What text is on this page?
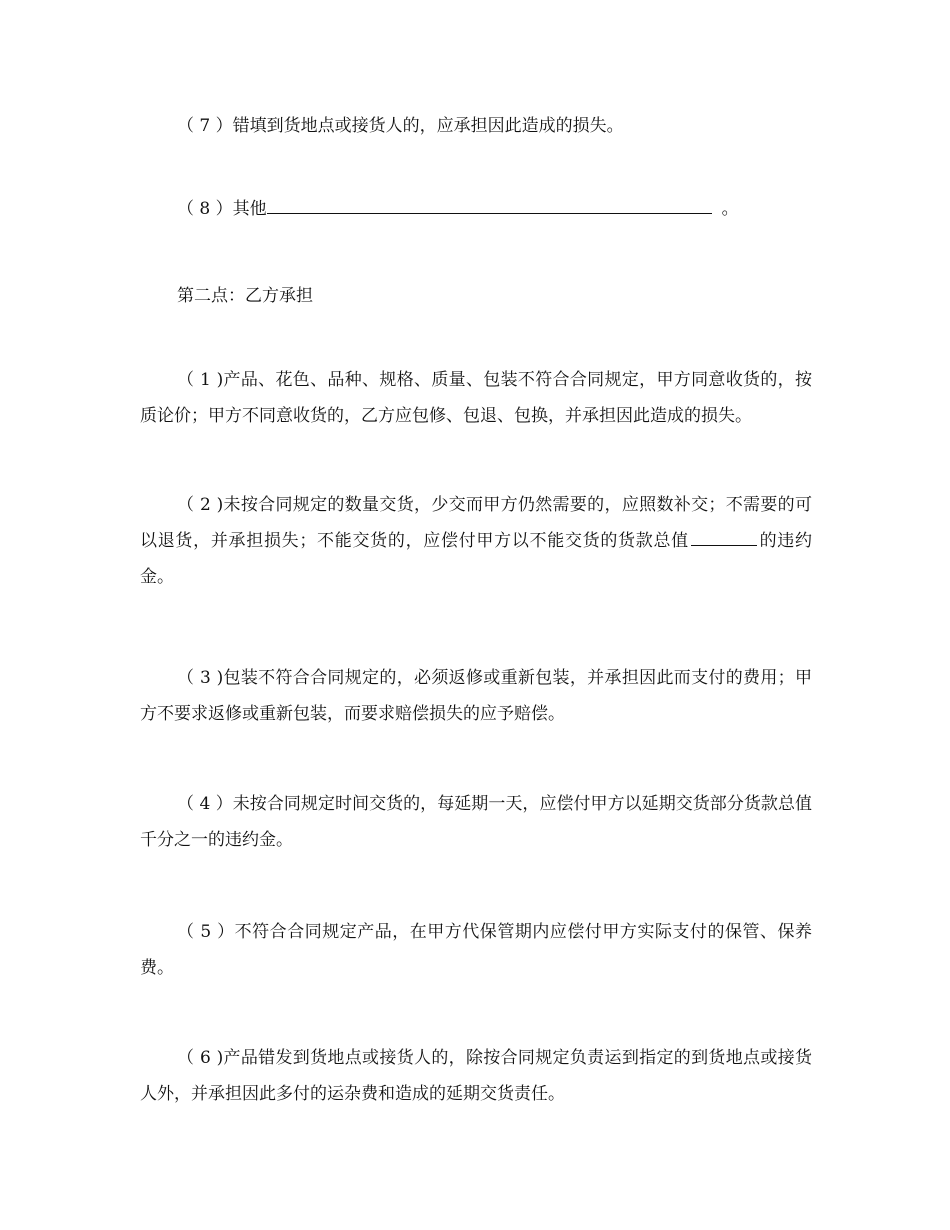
（ 7 ）错填到货地点或接货人的，应承担因此造成的损失。

（ 8 ）其他	。

第二点：乙方承担

（ 1 )产品、花色、品种、规格、质量、包装不符合合同规定，甲方同意收货的，按质论价；甲方不同意收货的，乙方应包修、包退、包换，并承担因此造成的损失。

（ 2 )未按合同规定的数量交货，少交而甲方仍然需要的，应照数补交；不需要的可以退货，并承担损失；不能交货的，应偿付甲方以不能交货的货款总值	的违约金。

（ 3 )包装不符合合同规定的，必须返修或重新包装，并承担因此而支付的费用；甲方不要求返修或重新包装，而要求赔偿损失的应予赔偿。

（ 4 ）未按合同规定时间交货的，每延期一天，应偿付甲方以延期交货部分货款总值千分之一的违约金。

（ 5 ）不符合合同规定产品，在甲方代保管期内应偿付甲方实际支付的保管、保养费。

（ 6 )产品错发到货地点或接货人的，除按合同规定负责运到指定的到货地点或接货人外，并承担因此多付的运杂费和造成的延期交货责任。
